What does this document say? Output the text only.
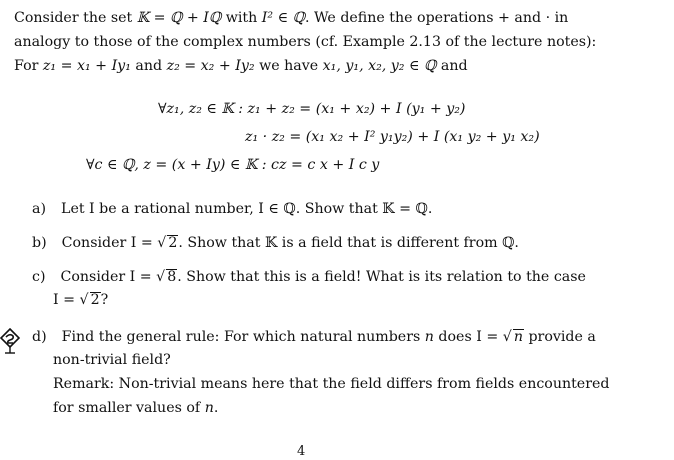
Consider the set 𝕂 = ℚ + Iℚ with I² ∈ ℚ. We define the operations + and · in
analogy to those of the complex numbers (cf. Example 2.13 of the lecture notes):
For z₁ = x₁ + Iy₁ and z₂ = x₂ + Iy₂ we have x₁, y₁, x₂, y₂ ∈ ℚ and
∀z₁, z₂ ∈ 𝕂 : z₁ + z₂ = (x₁ + x₂) + I (y₁ + y₂)
z₁ · z₂ = (x₁ x₂ + I² y₁y₂) + I (x₁ y₂ + y₁ x₂)
∀c ∈ ℚ, z = (x + Iy) ∈ 𝕂 : cz = c x + I c y
a) Let I be a rational number, I ∈ ℚ. Show that 𝕂 = ℚ.
b) Consider I = √ 2. Show that 𝕂 is a field that is different from ℚ.
c) Consider I = √ 8. Show that this is a field! What is its relation to the case
I = √ 2?
d) Find the general rule: For which natural numbers n does I = √ n provide a
non-trivial field?
Remark: Non-trivial means here that the field differs from fields encountered
for smaller values of n.
4
